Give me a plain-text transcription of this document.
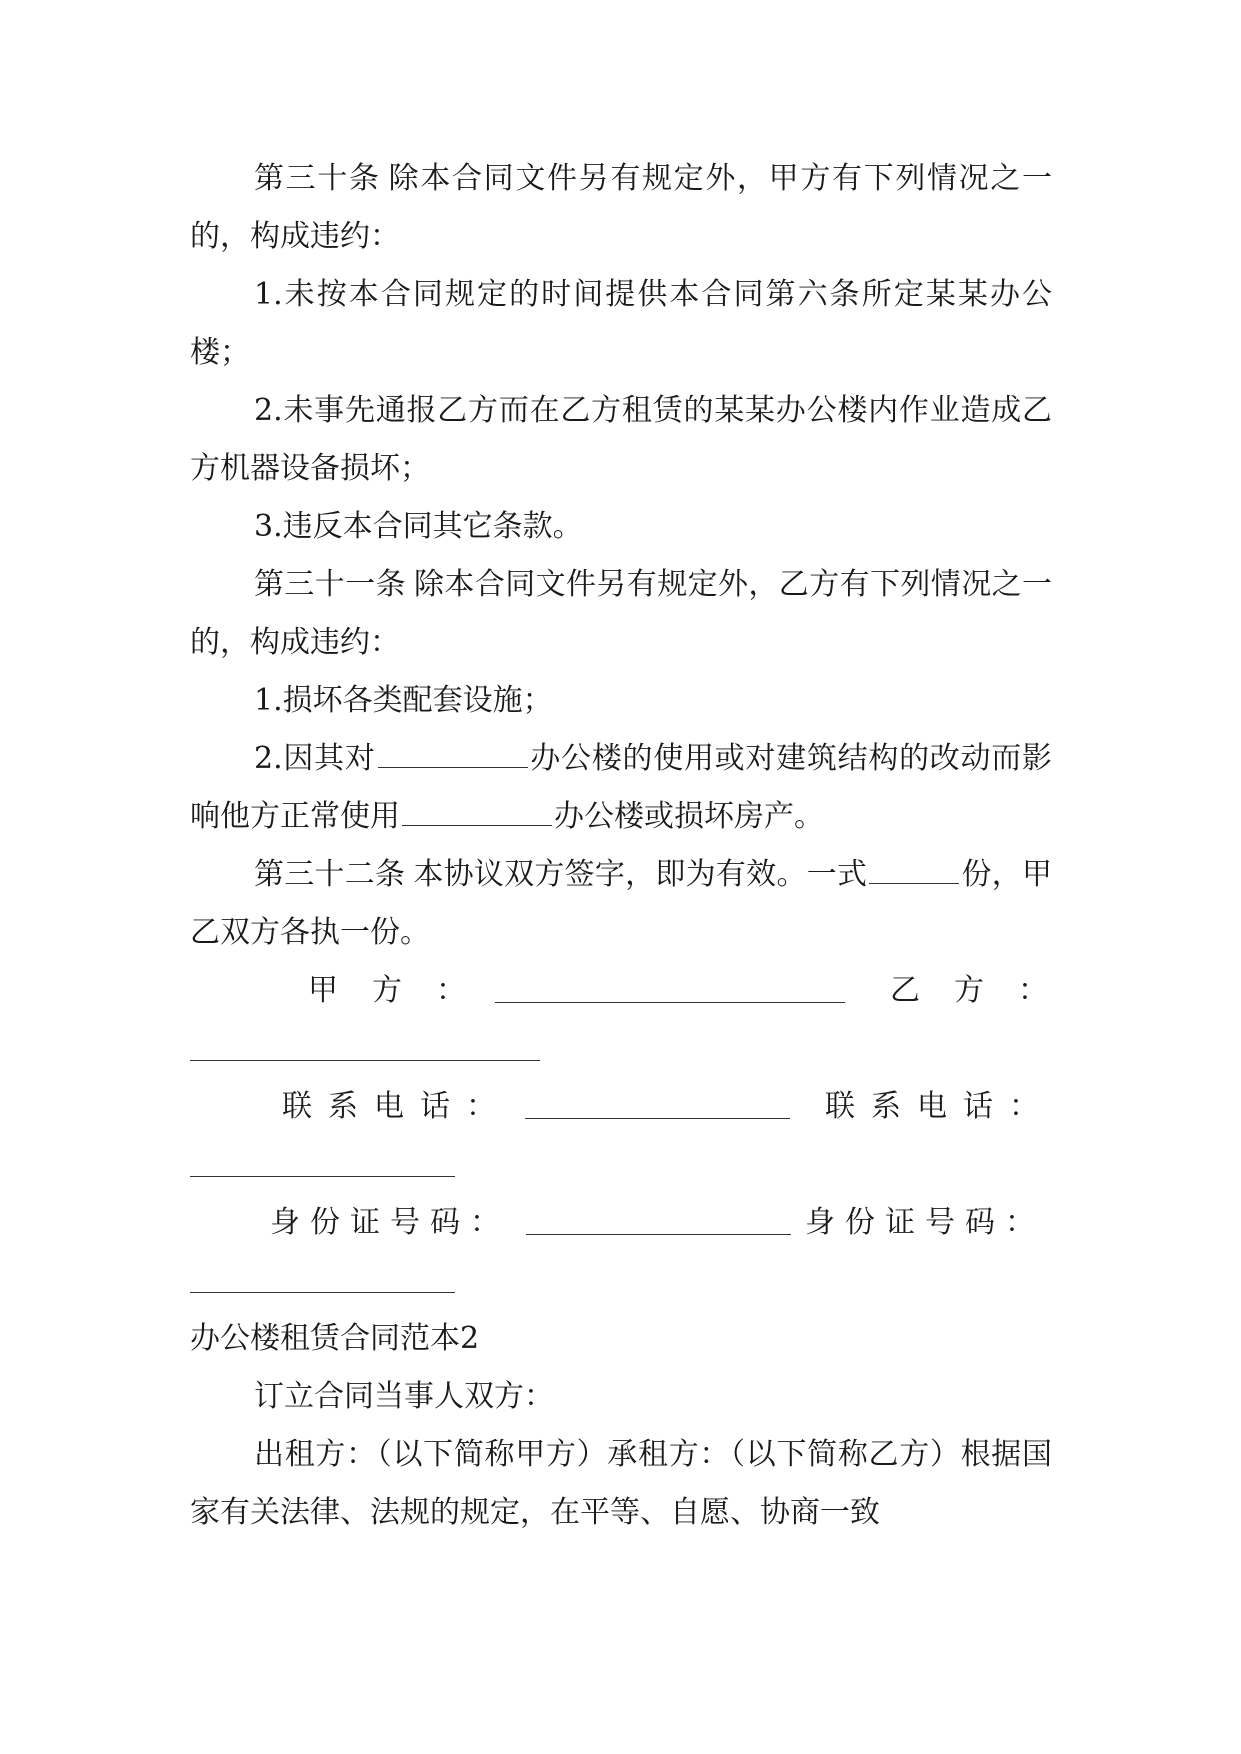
第三十条 除本合同文件另有规定外，甲方有下列情况之一的，构成违约：

1.未按本合同规定的时间提供本合同第六条所定某某办公楼；

2.未事先通报乙方而在乙方租赁的某某办公楼内作业造成乙方机器设备损坏；

3.违反本合同其它条款。

第三十一条 除本合同文件另有规定外，乙方有下列情况之一的，构成违约：

1.损坏各类配套设施；

2.因其对	办公楼的使用或对建筑结构的改动而影响他方正常使用	办公楼或损坏房产。

第三十二条 本协议双方签字，即为有效。一式	份，甲乙双方各执一份。

甲方：	乙方：
联系电话：	联系电话：
身份证号码：	身份证号码：

办公楼租赁合同范本2

订立合同当事人双方：

出租方：（以下简称甲方）承租方：（以下简称乙方）根据国家有关法律、法规的规定，在平等、自愿、协商一致
